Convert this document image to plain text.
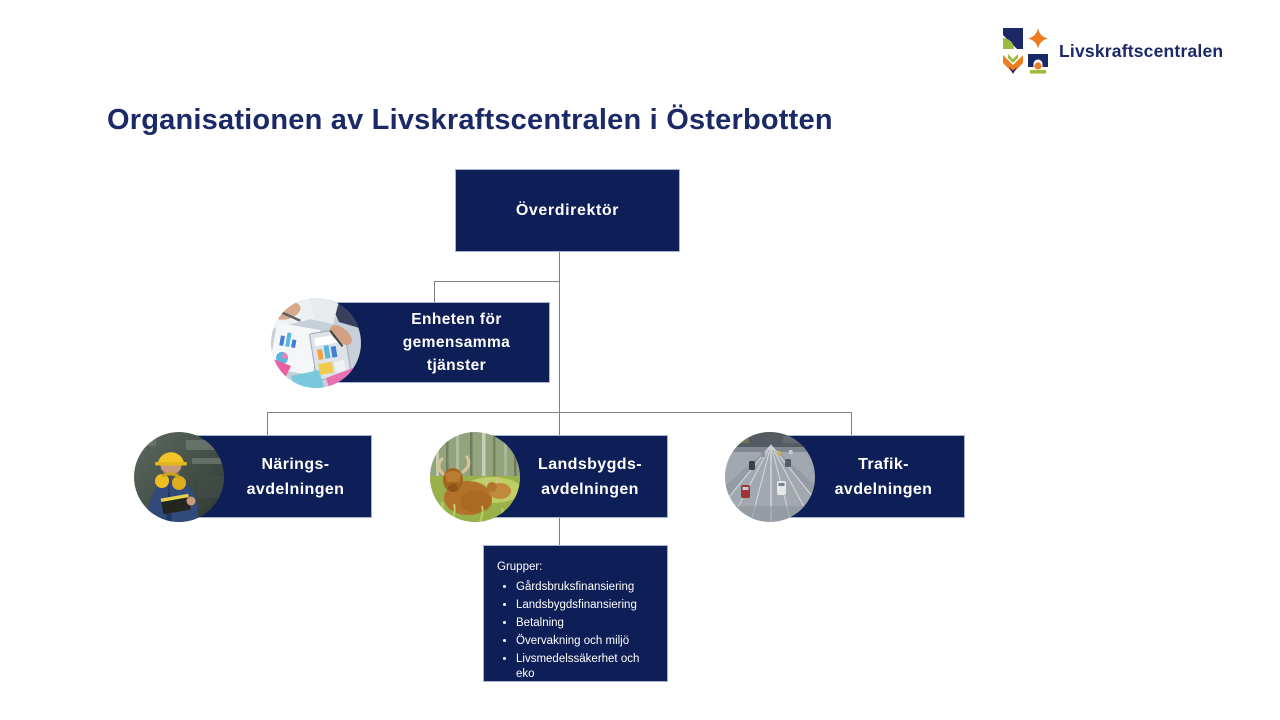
Livskraftscentralen
Organisationen av Livskraftscentralen i Österbotten
Överdirektör
Enheten för
gemensamma
tjänster
Närings-
avdelningen
Landsbygds-
avdelningen
Trafik-
avdelningen
Grupper:
• Gårdsbruksfinansiering
• Landsbygdsfinansiering
• Betalning
• Övervakning och miljö
• Livsmedelssäkerhet och eko
